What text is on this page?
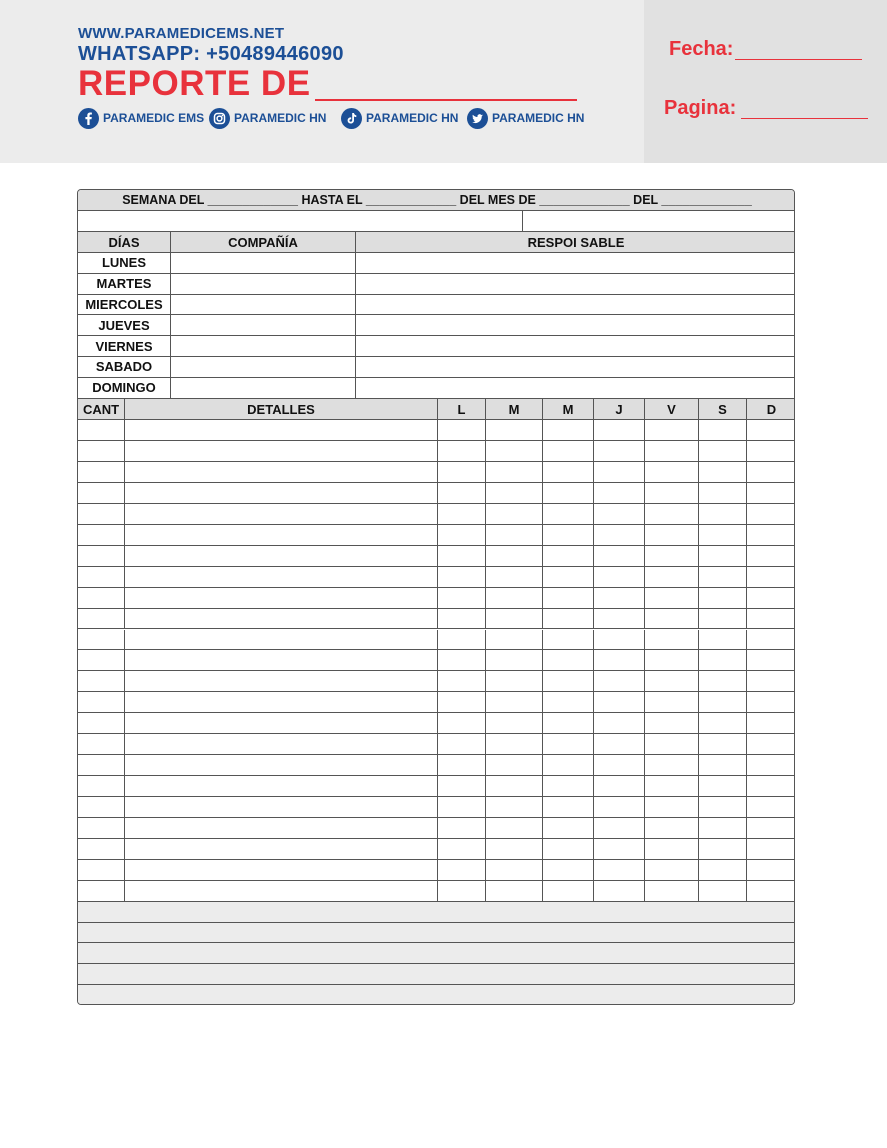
WWW.PARAMEDICEMS.NET
WHATSAPP: +50489446090
REPORTE DE
PARAMEDIC EMS PARAMEDIC HN	PARAMEDIC HN	PARAMEDIC HN
Fecha:
Pagina:
SEMANA DEL _____________ HASTA EL _____________ DEL MES DE _____________ DEL _____________
DÍAS	COMPAÑÍA	RESPOI SABLE
LUNES
MARTES
MIERCOLES
JUEVES
VIERNES
SABADO
DOMINGO
CANT	DETALLES	L	M	M	J	V	S	D
